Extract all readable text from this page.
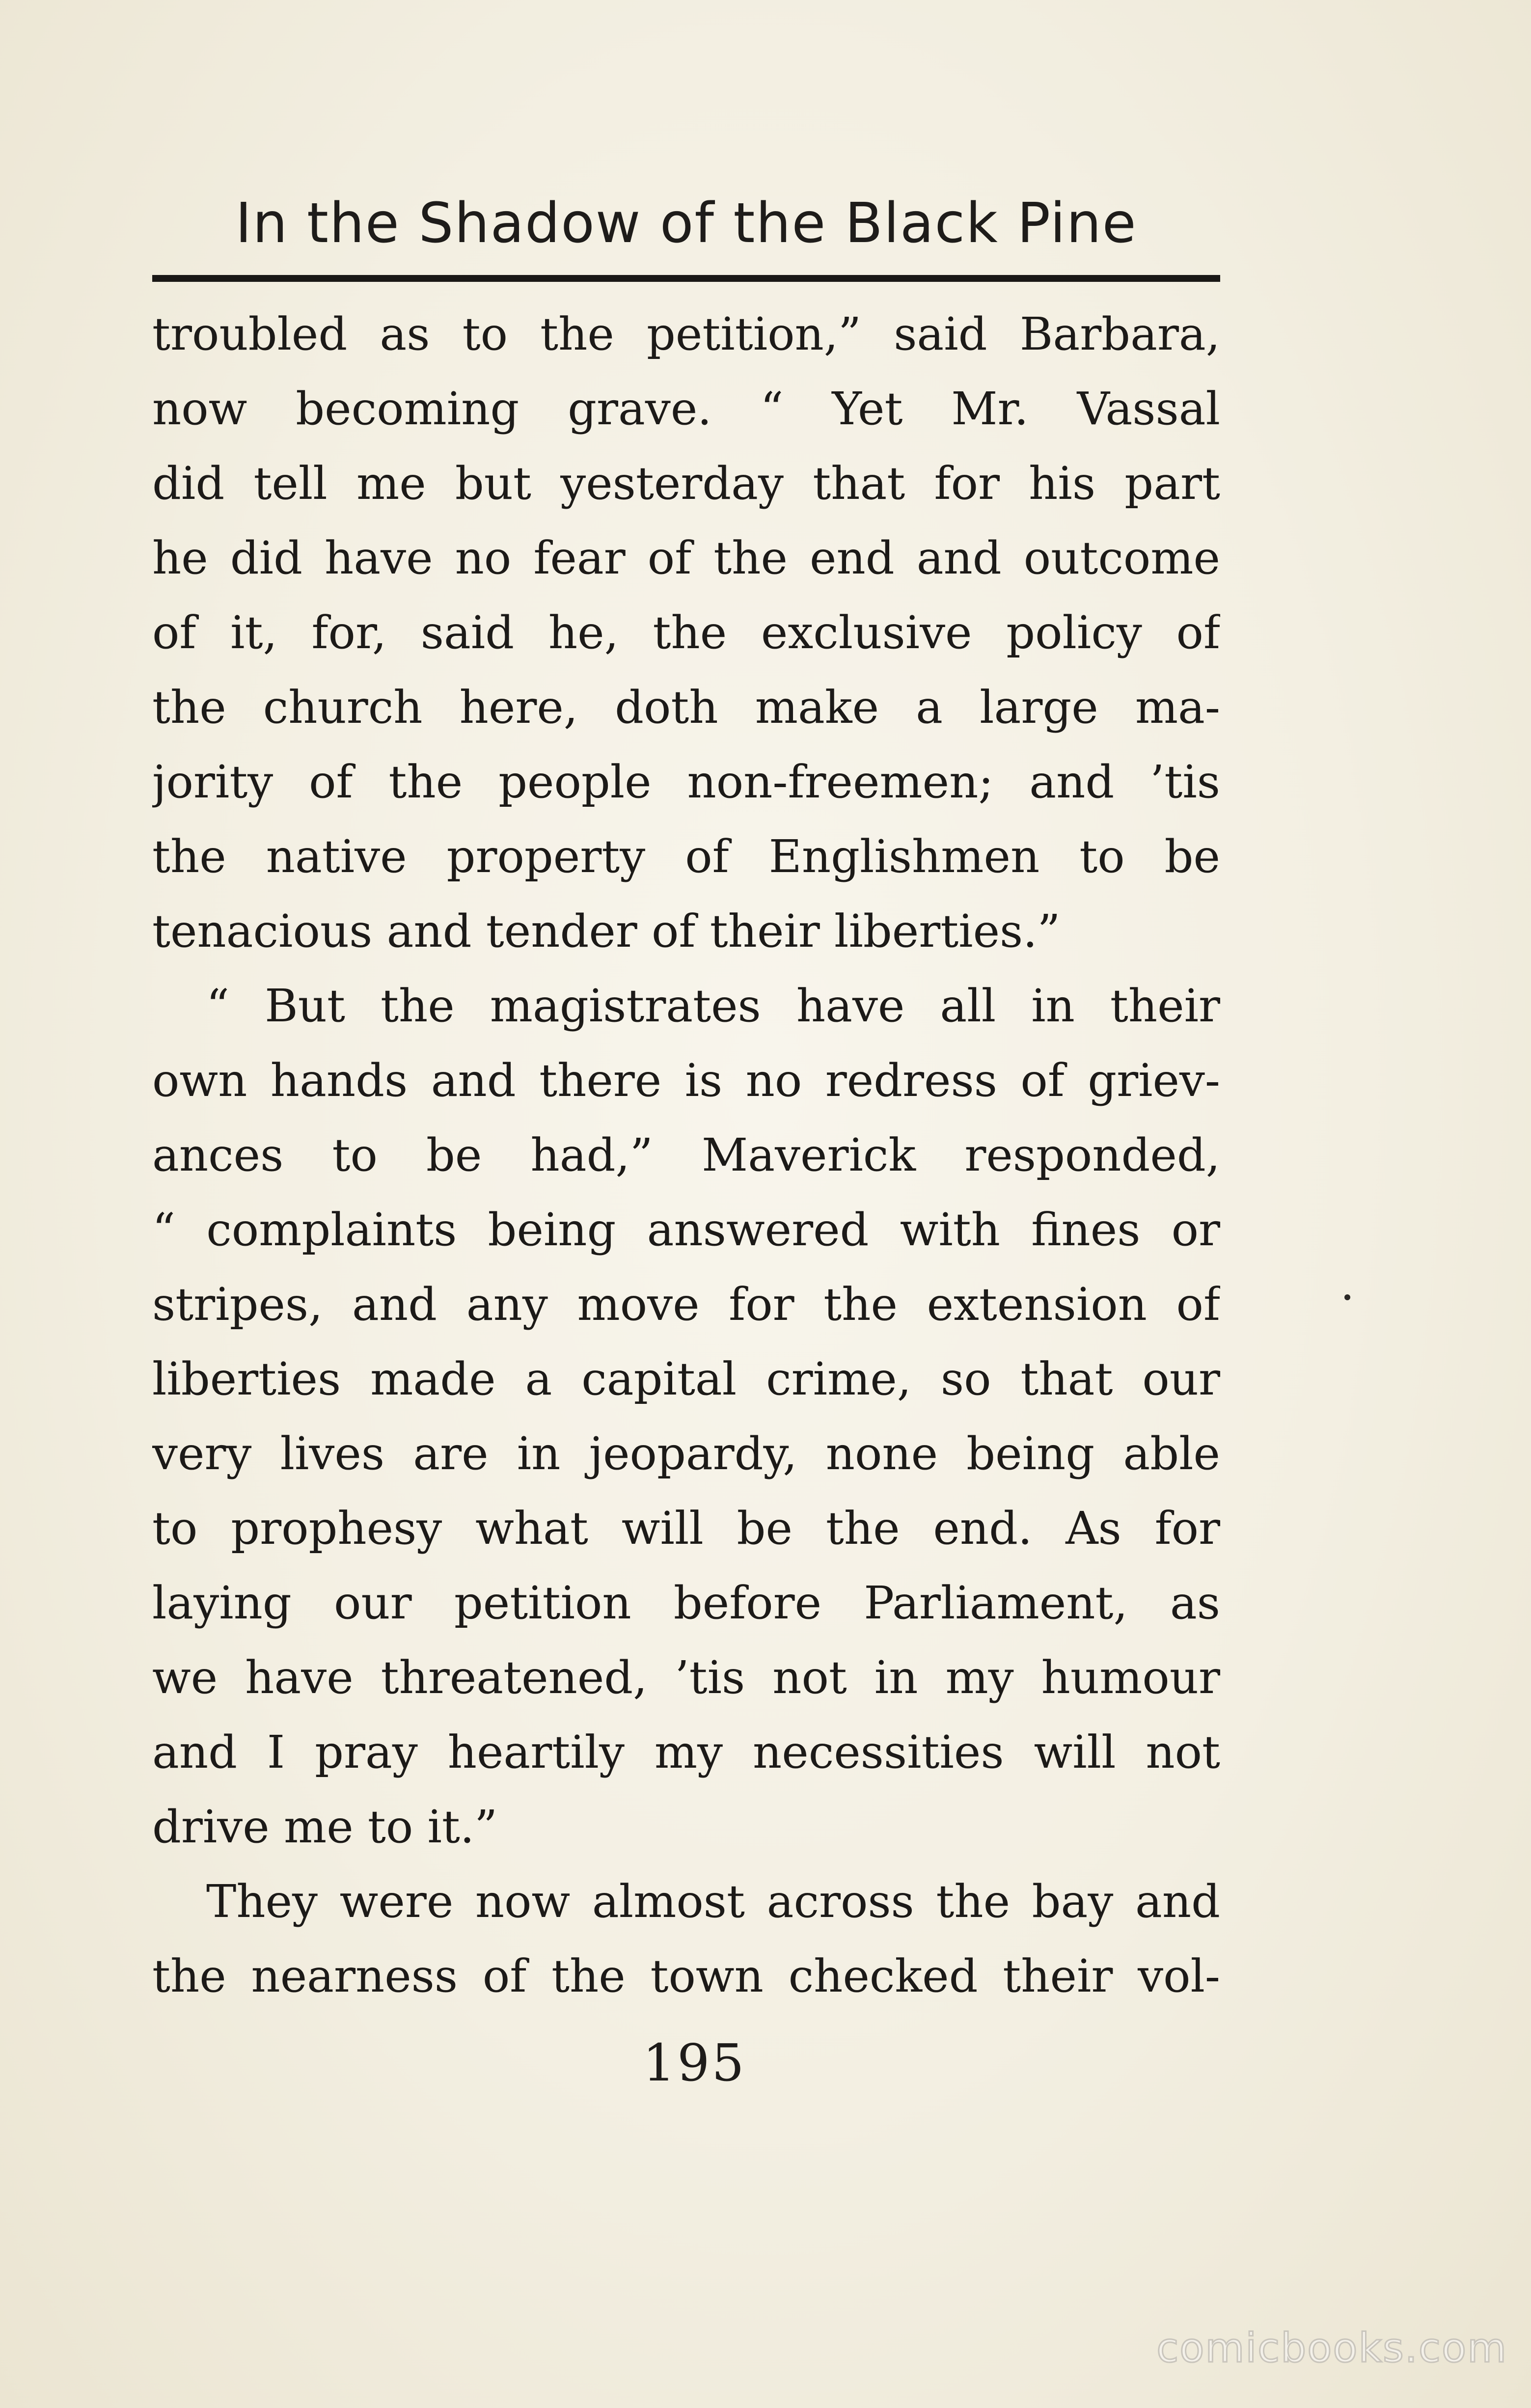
In the Shadow of the Black Pine
troubled as to the petition,” said Barbara,
now becoming grave. “ Yet Mr. Vassal
did tell me but yesterday that for his part
he did have no fear of the end and outcome
of it, for, said he, the exclusive policy of
the church here, doth make a large ma-
jority of the people non-freemen; and ’tis
the native property of Englishmen to be
tenacious and tender of their liberties.”
“ But the magistrates have all in their
own hands and there is no redress of griev-
ances to be had,” Maverick responded,
“ complaints being answered with fines or
stripes, and any move for the extension of
liberties made a capital crime, so that our
very lives are in jeopardy, none being able
to prophesy what will be the end. As for
laying our petition before Parliament, as
we have threatened, ’tis not in my humour
and I pray heartily my necessities will not
drive me to it.”
They were now almost across the bay and
the nearness of the town checked their vol-
195
comicbooks.com
